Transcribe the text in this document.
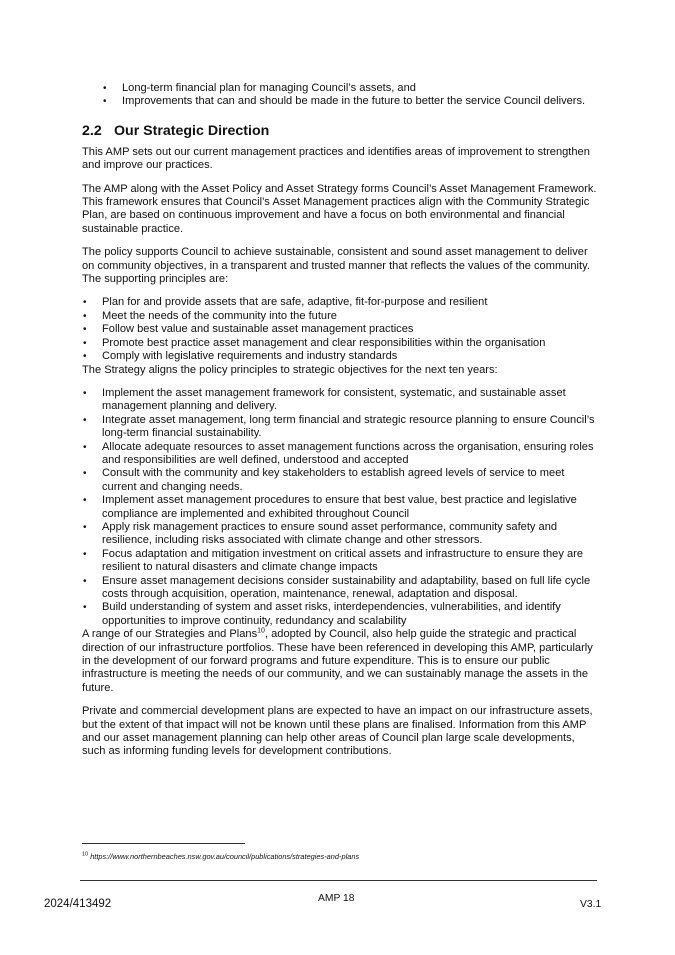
• Long-term financial plan for managing Council’s assets, and
• Improvements that can and should be made in the future to better the service Council delivers.
2.2 Our Strategic Direction

This AMP sets out our current management practices and identifies areas of improvement to strengthen and improve our practices.

The AMP along with the Asset Policy and Asset Strategy forms Council’s Asset Management Framework. This framework ensures that Council’s Asset Management practices align with the Community Strategic Plan, are based on continuous improvement and have a focus on both environmental and financial sustainable practice.

The policy supports Council to achieve sustainable, consistent and sound asset management to deliver on community objectives, in a transparent and trusted manner that reflects the values of the community. The supporting principles are:

• Plan for and provide assets that are safe, adaptive, fit-for-purpose and resilient
• Meet the needs of the community into the future
• Follow best value and sustainable asset management practices
• Promote best practice asset management and clear responsibilities within the organisation
• Comply with legislative requirements and industry standards

The Strategy aligns the policy principles to strategic objectives for the next ten years:

• Implement the asset management framework for consistent, systematic, and sustainable asset management planning and delivery.
• Integrate asset management, long term financial and strategic resource planning to ensure Council’s long-term financial sustainability.
• Allocate adequate resources to asset management functions across the organisation, ensuring roles and responsibilities are well defined, understood and accepted
• Consult with the community and key stakeholders to establish agreed levels of service to meet current and changing needs.
• Implement asset management procedures to ensure that best value, best practice and legislative compliance are implemented and exhibited throughout Council
• Apply risk management practices to ensure sound asset performance, community safety and resilience, including risks associated with climate change and other stressors.
• Focus adaptation and mitigation investment on critical assets and infrastructure to ensure they are resilient to natural disasters and climate change impacts
• Ensure asset management decisions consider sustainability and adaptability, based on full life cycle costs through acquisition, operation, maintenance, renewal, adaptation and disposal.
• Build understanding of system and asset risks, interdependencies, vulnerabilities, and identify opportunities to improve continuity, redundancy and scalability

A range of our Strategies and Plans$^{10}$, adopted by Council, also help guide the strategic and practical direction of our infrastructure portfolios. These have been referenced in developing this AMP, particularly in the development of our forward programs and future expenditure. This is to ensure our public infrastructure is meeting the needs of our community, and we can sustainably manage the assets in the future.

Private and commercial development plans are expected to have an impact on our infrastructure assets, but the extent of that impact will not be known until these plans are finalised. Information from this AMP and our asset management planning can help other areas of Council plan large scale developments, such as informing funding levels for development contributions.

$^{10}$ https://www.northernbeaches.nsw.gov.au/council/publications/strategies-and-plans
2024/413492	AMP 18
V3.1
